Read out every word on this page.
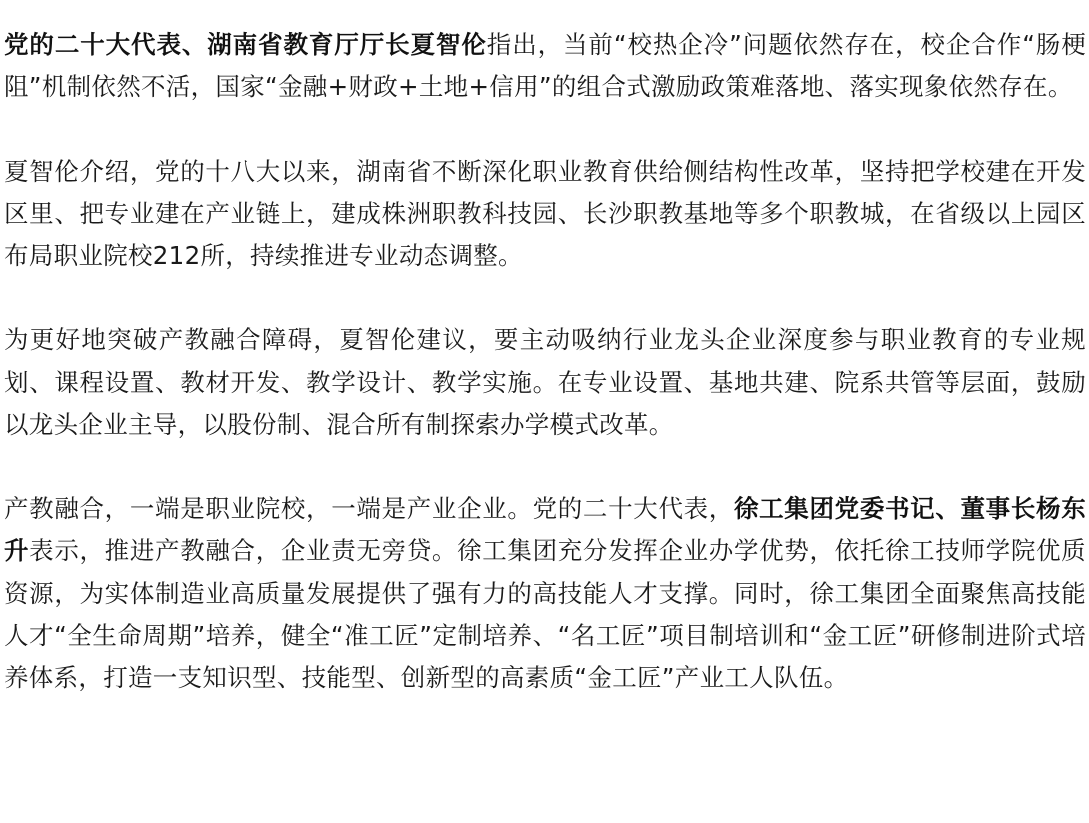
党的二十大代表、湖南省教育厅厅长夏智伦指出，当前“校热企冷”问题依然存在，校企合作“肠梗阻”机制依然不活，国家“金融+财政+土地+信用”的组合式激励政策难落地、落实现象依然存在。

夏智伦介绍，党的十八大以来，湖南省不断深化职业教育供给侧结构性改革，坚持把学校建在开发区里、把专业建在产业链上，建成株洲职教科技园、长沙职教基地等多个职教城，在省级以上园区布局职业院校212所，持续推进专业动态调整。

为更好地突破产教融合障碍，夏智伦建议，要主动吸纳行业龙头企业深度参与职业教育的专业规划、课程设置、教材开发、教学设计、教学实施。在专业设置、基地共建、院系共管等层面，鼓励以龙头企业主导，以股份制、混合所有制探索办学模式改革。

产教融合，一端是职业院校，一端是产业企业。党的二十大代表，徐工集团党委书记、董事长杨东升表示，推进产教融合，企业责无旁贷。徐工集团充分发挥企业办学优势，依托徐工技师学院优质资源，为实体制造业高质量发展提供了强有力的高技能人才支撑。同时，徐工集团全面聚焦高技能人才“全生命周期”培养，健全“准工匠”定制培养、“名工匠”项目制培训和“金工匠”研修制进阶式培养体系，打造一支知识型、技能型、创新型的高素质“金工匠”产业工人队伍。
